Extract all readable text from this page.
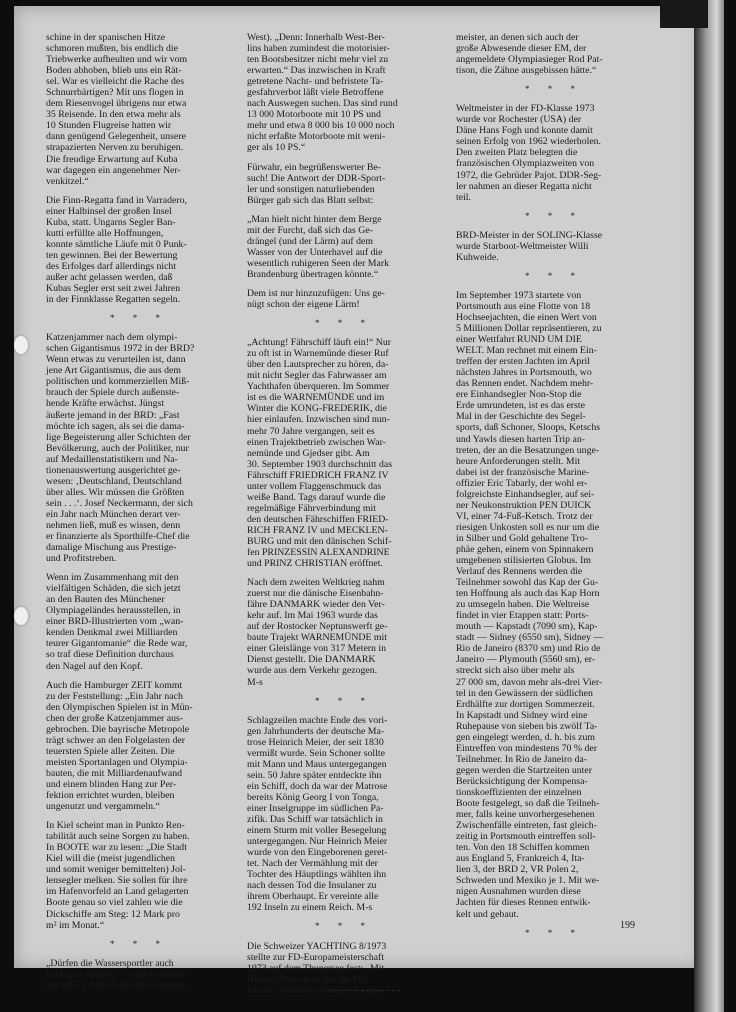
schine in der spanischen Hitze
schmoren mußten, bis endlich die
Triebwerke aufheulten und wir vom
Boden abhoben, blieb uns ein Rät-
sel. War es vielleicht die Rache des
Schnurrbärtigen? Mit uns flogen in
dem Riesenvogel übrigens nur etwa
35 Reisende. In den etwa mehr als
10 Stunden Flugreise hatten wir
dann genügend Gelegenheit, unsere
strapazierten Nerven zu beruhigen.
Die freudige Erwartung auf Kuba
war dagegen ein angenehmer Ner-
venkitzel.“

Die Finn-Regatta fand in Varradero,
einer Halbinsel der großen Insel
Kuba, statt. Ungarns Segler Ban-
kutti erfüllte alle Hoffnungen,
konnte sämtliche Läufe mit 0 Punk-
ten gewinnen. Bei der Bewertung
des Erfolges darf allerdings nicht
außer acht gelassen werden, daß
Kubas Segler erst seit zwei Jahren
in der Finnklasse Regatten segeln.

* * *

Katzenjammer nach dem olympi-
schen Gigantismus 1972 in der BRD?
Wenn etwas zu verurteilen ist, dann
jene Art Gigantismus, die aus dem
politischen und kommerziellen Miß-
brauch der Spiele durch außenste-
hende Kräfte erwächst. Jüngst
äußerte jemand in der BRD: „Fast
möchte ich sagen, als sei die dama-
lige Begeisterung aller Schichten der
Bevölkerung, auch der Politiker, nur
auf Medaillenstatistikern und Na-
tionenauswertung ausgerichtet ge-
wesen: ‚Deutschland, Deutschland
über alles. Wir müssen die Größten
sein . . .‘. Josef Neckermann, der sich
ein Jahr nach München derart ver-
nehmen ließ, muß es wissen, denn
er finanzierte als Sporthilfe-Chef die
damalige Mischung aus Prestige-
und Profitstreben.

Wenn im Zusammenhang mit den
vielfältigen Schäden, die sich jetzt
an den Bauten des Münchener
Olympiageländes herausstellen, in
einer BRD-Illustrierten vom „wan-
kenden Denkmal zwei Milliarden
teurer Gigantomanie“ die Rede war,
so traf diese Definition durchaus
den Nagel auf den Kopf.

Auch die Hamburger ZEIT kommt
zu der Feststellung: „Ein Jahr nach
den Olympischen Spielen ist in Mün-
chen der große Katzenjammer aus-
gebrochen. Die bayrische Metropole
trägt schwer an den Folgelasten der
teuersten Spiele aller Zeiten. Die
meisten Sportanlagen und Olympia-
bauten, die mit Milliardenaufwand
und einem blinden Hang zur Per-
fektion errichtet wurden, bleiben
ungenutzt und vergammeln.“

In Kiel scheint man in Punkto Ren-
tabilität auch seine Sorgen zu haben.
In BOOTE war zu lesen: „Die Stadt
Kiel will die (meist jugendlichen
und somit weniger bemittelten) Jol-
lensegler melken. Sie sollen für ihre
im Hafenvorfeld an Land gelagerten
Boote genau so viel zahlen wie die
Dickschiffe am Steg: 12 Mark pro
m² im Monat.“

* * *

„Dürfen die Wassersportler auch
bald nach drüben?“, schrieb neulich
die WELT AM SONNTAG (Berlin-

West). „Denn: Innerhalb West-Ber-
lins haben zumindest die motorisier-
ten Bootsbesitzer nicht mehr viel zu
erwarten.“ Das inzwischen in Kraft
getretene Nacht- und befristete Ta-
gesfahrverbot läßt viele Betroffene
nach Auswegen suchen. Das sind rund
13 000 Motorboote mit 10 PS und
mehr und etwa 8 000 bis 10 000 noch
nicht erfaßte Motorboote mit weni-
ger als 10 PS.“

Fürwahr, ein begrüßenswerter Be-
such! Die Antwort der DDR-Sport-
ler und sonstigen naturliebenden
Bürger gab sich das Blatt selbst:

„Man hielt nicht hinter dem Berge
mit der Furcht, daß sich das Ge-
drängel (und der Lärm) auf dem
Wasser von der Unterhavel auf die
wesentlich ruhigeren Seen der Mark
Brandenburg übertragen könnte.“

Dem ist nur hinzuzufügen: Uns ge-
nügt schon der eigene Lärm!

* * *

„Achtung! Fährschiff läuft ein!“ Nur
zu oft ist in Warnemünde dieser Ruf
über den Lautsprecher zu hören, da-
mit nicht Segler das Fahrwasser am
Yachthafen überqueren. Im Sommer
ist es die WARNEMÜNDE und im
Winter die KONG-FREDERIK, die
hier einlaufen. Inzwischen sind nun-
mehr 70 Jahre vergangen, seit es
einen Trajektbetrieb zwischen War-
nemünde und Gjedser gibt. Am
30. September 1903 durchschnitt das
Fährschiff FRIEDRICH FRANZ IV
unter vollem Flaggenschmuck das
weiße Band. Tags darauf wurde die
regelmäßige Fährverbindung mit
den deutschen Fährschiffen FRIED-
RICH FRANZ IV und MECKLEN-
BURG und mit den dänischen Schif-
fen PRINZESSIN ALEXANDRINE
und PRINZ CHRISTIAN eröffnet.

Nach dem zweiten Weltkrieg nahm
zuerst nur die dänische Eisenbahn-
fähre DANMARK wieder den Ver-
kehr auf. Im Mai 1963 wurde das
auf der Rostocker Neptunswerft ge-
baute Trajekt WARNEMÜNDE mit
einer Gleislänge von 317 Metern in
Dienst gestellt. Die DANMARK
wurde aus dem Verkehr gezogen.
M-s

* * *

Schlagzeilen machte Ende des vori-
gen Jahrhunderts der deutsche Ma-
trose Heinrich Meier, der seit 1830
vermißt wurde. Sein Schoner sollte
mit Mann und Maus untergegangen
sein. 50 Jahre später entdeckte ihn
ein Schiff, doch da war der Matrose
bereits König Georg I von Tonga,
einer Inselgruppe im südlichen Pa-
zifik. Das Schiff war tatsächlich in
einem Sturm mit voller Besegelung
untergegangen. Nur Heinrich Meier
wurde von den Eingeborenen geret-
tet. Nach der Vermählung mit der
Tochter des Häuptlings wählten ihn
nach dessen Tod die Insulaner zu
ihrem Oberhaupt. Er vereinte alle
192 Inseln zu einem Reich. M-s

* * *

Die Schweizer YACHTING 8/1973
stellte zur FD-Europameisterschaft
1973 auf dem Thunersee fest: „Mit
Hüttner/Pagenkopf hat die FD-
Klasse zweifellos würdige Europa-

meister, an denen sich auch der
große Abwesende dieser EM, der
angemeldete Olympiasieger Rod Pat-
tison, die Zähne ausgebissen hätte.“

* * *

Weltmeister in der FD-Klasse 1973
wurde vor Rochester (USA) der
Däne Hans Fogh und konnte damit
seinen Erfolg von 1962 wiederholen.
Den zweiten Platz belegten die
französischen Olympiazweiten von
1972, die Gebrüder Pajot. DDR-Seg-
ler nahmen an dieser Regatta nicht
teil.

* * *

BRD-Meister in der SOLING-Klasse
wurde Starboot-Weltmeister Willi
Kuhweide.

* * *

Im September 1973 startete von
Portsmouth aus eine Flotte von 18
Hochseejachten, die einen Wert von
5 Millionen Dollar repräsentieren, zu
einer Wettfahrt RUND UM DIE
WELT. Man rechnet mit einem Ein-
treffen der ersten Jachten im April
nächsten Jahres in Portsmouth, wo
das Rennen endet. Nachdem mehr-
ere Einhandsegler Non-Stop die
Erde umrundeten, ist es das erste
Mal in der Geschichte des Segel-
sports, daß Schoner, Sloops, Ketschs
und Yawls diesen harten Trip an-
treten, der an die Besatzungen unge-
heure Anforderungen stellt. Mit
dabei ist der französische Marine-
offizier Eric Tabarly, der wohl er-
folgreichste Einhandsegler, auf sei-
ner Neukonstruktion PEN DUICK
VI, einer 74-Fuß-Ketsch. Trotz der
riesigen Unkosten soll es nur um die
in Silber und Gold gehaltene Tro-
phäe gehen, einem von Spinnakern
umgebenen stilisierten Globus. Im
Verlauf des Rennens werden die
Teilnehmer sowohl das Kap der Gu-
ten Hoffnung als auch das Kap Horn
zu umsegeln haben. Die Weltreise
findet in vier Etappen statt: Ports-
mouth — Kapstadt (7090 sm), Kap-
stadt — Sidney (6550 sm), Sidney —
Rio de Janeiro (8370 sm) und Rio de
Janeiro — Plymouth (5560 sm), er-
streckt sich also über mehr als
27 000 sm, davon mehr als-drei Vier-
tel in den Gewässern der südlichen
Erdhälfte zur dortigen Sommerzeit.
In Kapstadt und Sidney wird eine
Ruhepause von sieben bis zwölf Ta-
gen eingelegt werden, d. h. bis zum
Eintreffen von mindestens 70 % der
Teilnehmer. In Rio de Janeiro da-
gegen werden die Startzeiten unter
Berücksichtigung der Kompensa-
tionskoeffizienten der einzelnen
Boote festgelegt, so daß die Teilneh-
mer, falls keine unvorhergesehenen
Zwischenfälle eintreten, fast gleich-
zeitig in Portsmouth eintreffen soll-
ten. Von den 18 Schiffen kommen
aus England 5, Frankreich 4, Ita-
lien 3, der BRD 2, VR Polen 2,
Schweden und Mexiko je 1. Mit we-
nigen Ausnahmen wurden diese
Jachten für dieses Rennen entwik-
kelt und gebaut.

* * *
199
